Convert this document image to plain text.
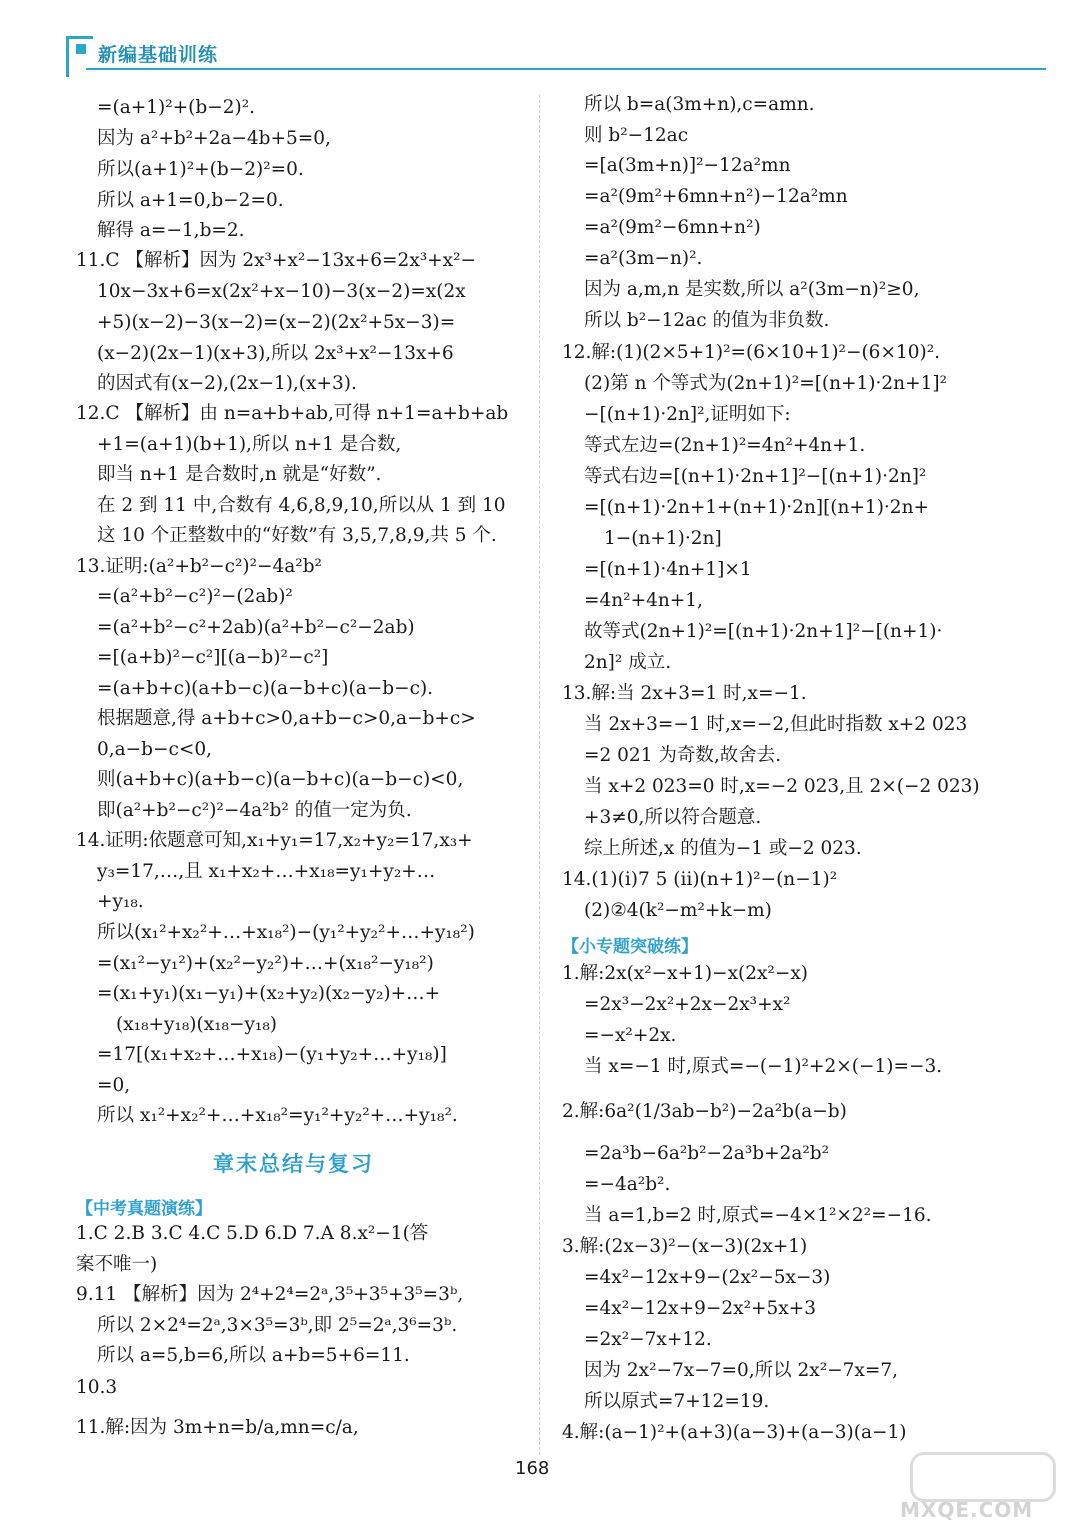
新编基础训练
=(a+1)²+(b−2)².
因为 a²+b²+2a−4b+5=0,
所以(a+1)²+(b−2)²=0.
所以 a+1=0,b−2=0.
解得 a=−1,b=2.
11.C 【解析】因为 2x³+x²−13x+6=2x³+x²−
10x−3x+6=x(2x²+x−10)−3(x−2)=x(2x
+5)(x−2)−3(x−2)=(x−2)(2x²+5x−3)=
(x−2)(2x−1)(x+3),所以 2x³+x²−13x+6
的因式有(x−2),(2x−1),(x+3).
12.C 【解析】由 n=a+b+ab,可得 n+1=a+b+ab
+1=(a+1)(b+1),所以 n+1 是合数,
即当 n+1 是合数时,n 就是“好数”.
在 2 到 11 中,合数有 4,6,8,9,10,所以从 1 到 10
这 10 个正整数中的“好数”有 3,5,7,8,9,共 5 个.
13.证明:(a²+b²−c²)²−4a²b²
=(a²+b²−c²)²−(2ab)²
=(a²+b²−c²+2ab)(a²+b²−c²−2ab)
=[(a+b)²−c²][(a−b)²−c²]
=(a+b+c)(a+b−c)(a−b+c)(a−b−c).
根据题意,得 a+b+c>0,a+b−c>0,a−b+c>
0,a−b−c<0,
则(a+b+c)(a+b−c)(a−b+c)(a−b−c)<0,
即(a²+b²−c²)²−4a²b² 的值一定为负.
14.证明:依题意可知,x₁+y₁=17,x₂+y₂=17,x₃+
y₃=17,…,且 x₁+x₂+…+x₁₈=y₁+y₂+…
+y₁₈.
所以(x₁²+x₂²+…+x₁₈²)−(y₁²+y₂²+…+y₁₈²)
=(x₁²−y₁²)+(x₂²−y₂²)+…+(x₁₈²−y₁₈²)
=(x₁+y₁)(x₁−y₁)+(x₂+y₂)(x₂−y₂)+…+
(x₁₈+y₁₈)(x₁₈−y₁₈)
=17[(x₁+x₂+…+x₁₈)−(y₁+y₂+…+y₁₈)]
=0,
所以 x₁²+x₂²+…+x₁₈²=y₁²+y₂²+…+y₁₈².
章末总结与复习
【中考真题演练】
1.C 2.B 3.C 4.C 5.D 6.D 7.A 8.x²−1(答
案不唯一)
9.11 【解析】因为 2⁴+2⁴=2ᵃ,3⁵+3⁵+3⁵=3ᵇ,
所以 2×2⁴=2ᵃ,3×3⁵=3ᵇ,即 2⁵=2ᵃ,3⁶=3ᵇ.
所以 a=5,b=6,所以 a+b=5+6=11.
10.3
11.解:因为 3m+n=b/a,mn=c/a,
所以 b=a(3m+n),c=amn.
则 b²−12ac
=[a(3m+n)]²−12a²mn
=a²(9m²+6mn+n²)−12a²mn
=a²(9m²−6mn+n²)
=a²(3m−n)².
因为 a,m,n 是实数,所以 a²(3m−n)²≥0,
所以 b²−12ac 的值为非负数.
12.解:(1)(2×5+1)²=(6×10+1)²−(6×10)².
(2)第 n 个等式为(2n+1)²=[(n+1)·2n+1]²
−[(n+1)·2n]²,证明如下:
等式左边=(2n+1)²=4n²+4n+1.
等式右边=[(n+1)·2n+1]²−[(n+1)·2n]²
=[(n+1)·2n+1+(n+1)·2n][(n+1)·2n+
1−(n+1)·2n]
=[(n+1)·4n+1]×1
=4n²+4n+1,
故等式(2n+1)²=[(n+1)·2n+1]²−[(n+1)·
2n]² 成立.
13.解:当 2x+3=1 时,x=−1.
当 2x+3=−1 时,x=−2,但此时指数 x+2 023
=2 021 为奇数,故舍去.
当 x+2 023=0 时,x=−2 023,且 2×(−2 023)
+3≠0,所以符合题意.
综上所述,x 的值为−1 或−2 023.
14.(1)(ⅰ)7 5 (ⅱ)(n+1)²−(n−1)²
(2)②4(k²−m²+k−m)
【小专题突破练】
1.解:2x(x²−x+1)−x(2x²−x)
=2x³−2x²+2x−2x³+x²
=−x²+2x.
当 x=−1 时,原式=−(−1)²+2×(−1)=−3.
2.解:6a²(1/3ab−b²)−2a²b(a−b)
=2a³b−6a²b²−2a³b+2a²b²
=−4a²b².
当 a=1,b=2 时,原式=−4×1²×2²=−16.
3.解:(2x−3)²−(x−3)(2x+1)
=4x²−12x+9−(2x²−5x−3)
=4x²−12x+9−2x²+5x+3
=2x²−7x+12.
因为 2x²−7x−7=0,所以 2x²−7x=7,
所以原式=7+12=19.
4.解:(a−1)²+(a+3)(a−3)+(a−3)(a−1)
168
MXQE.COM
